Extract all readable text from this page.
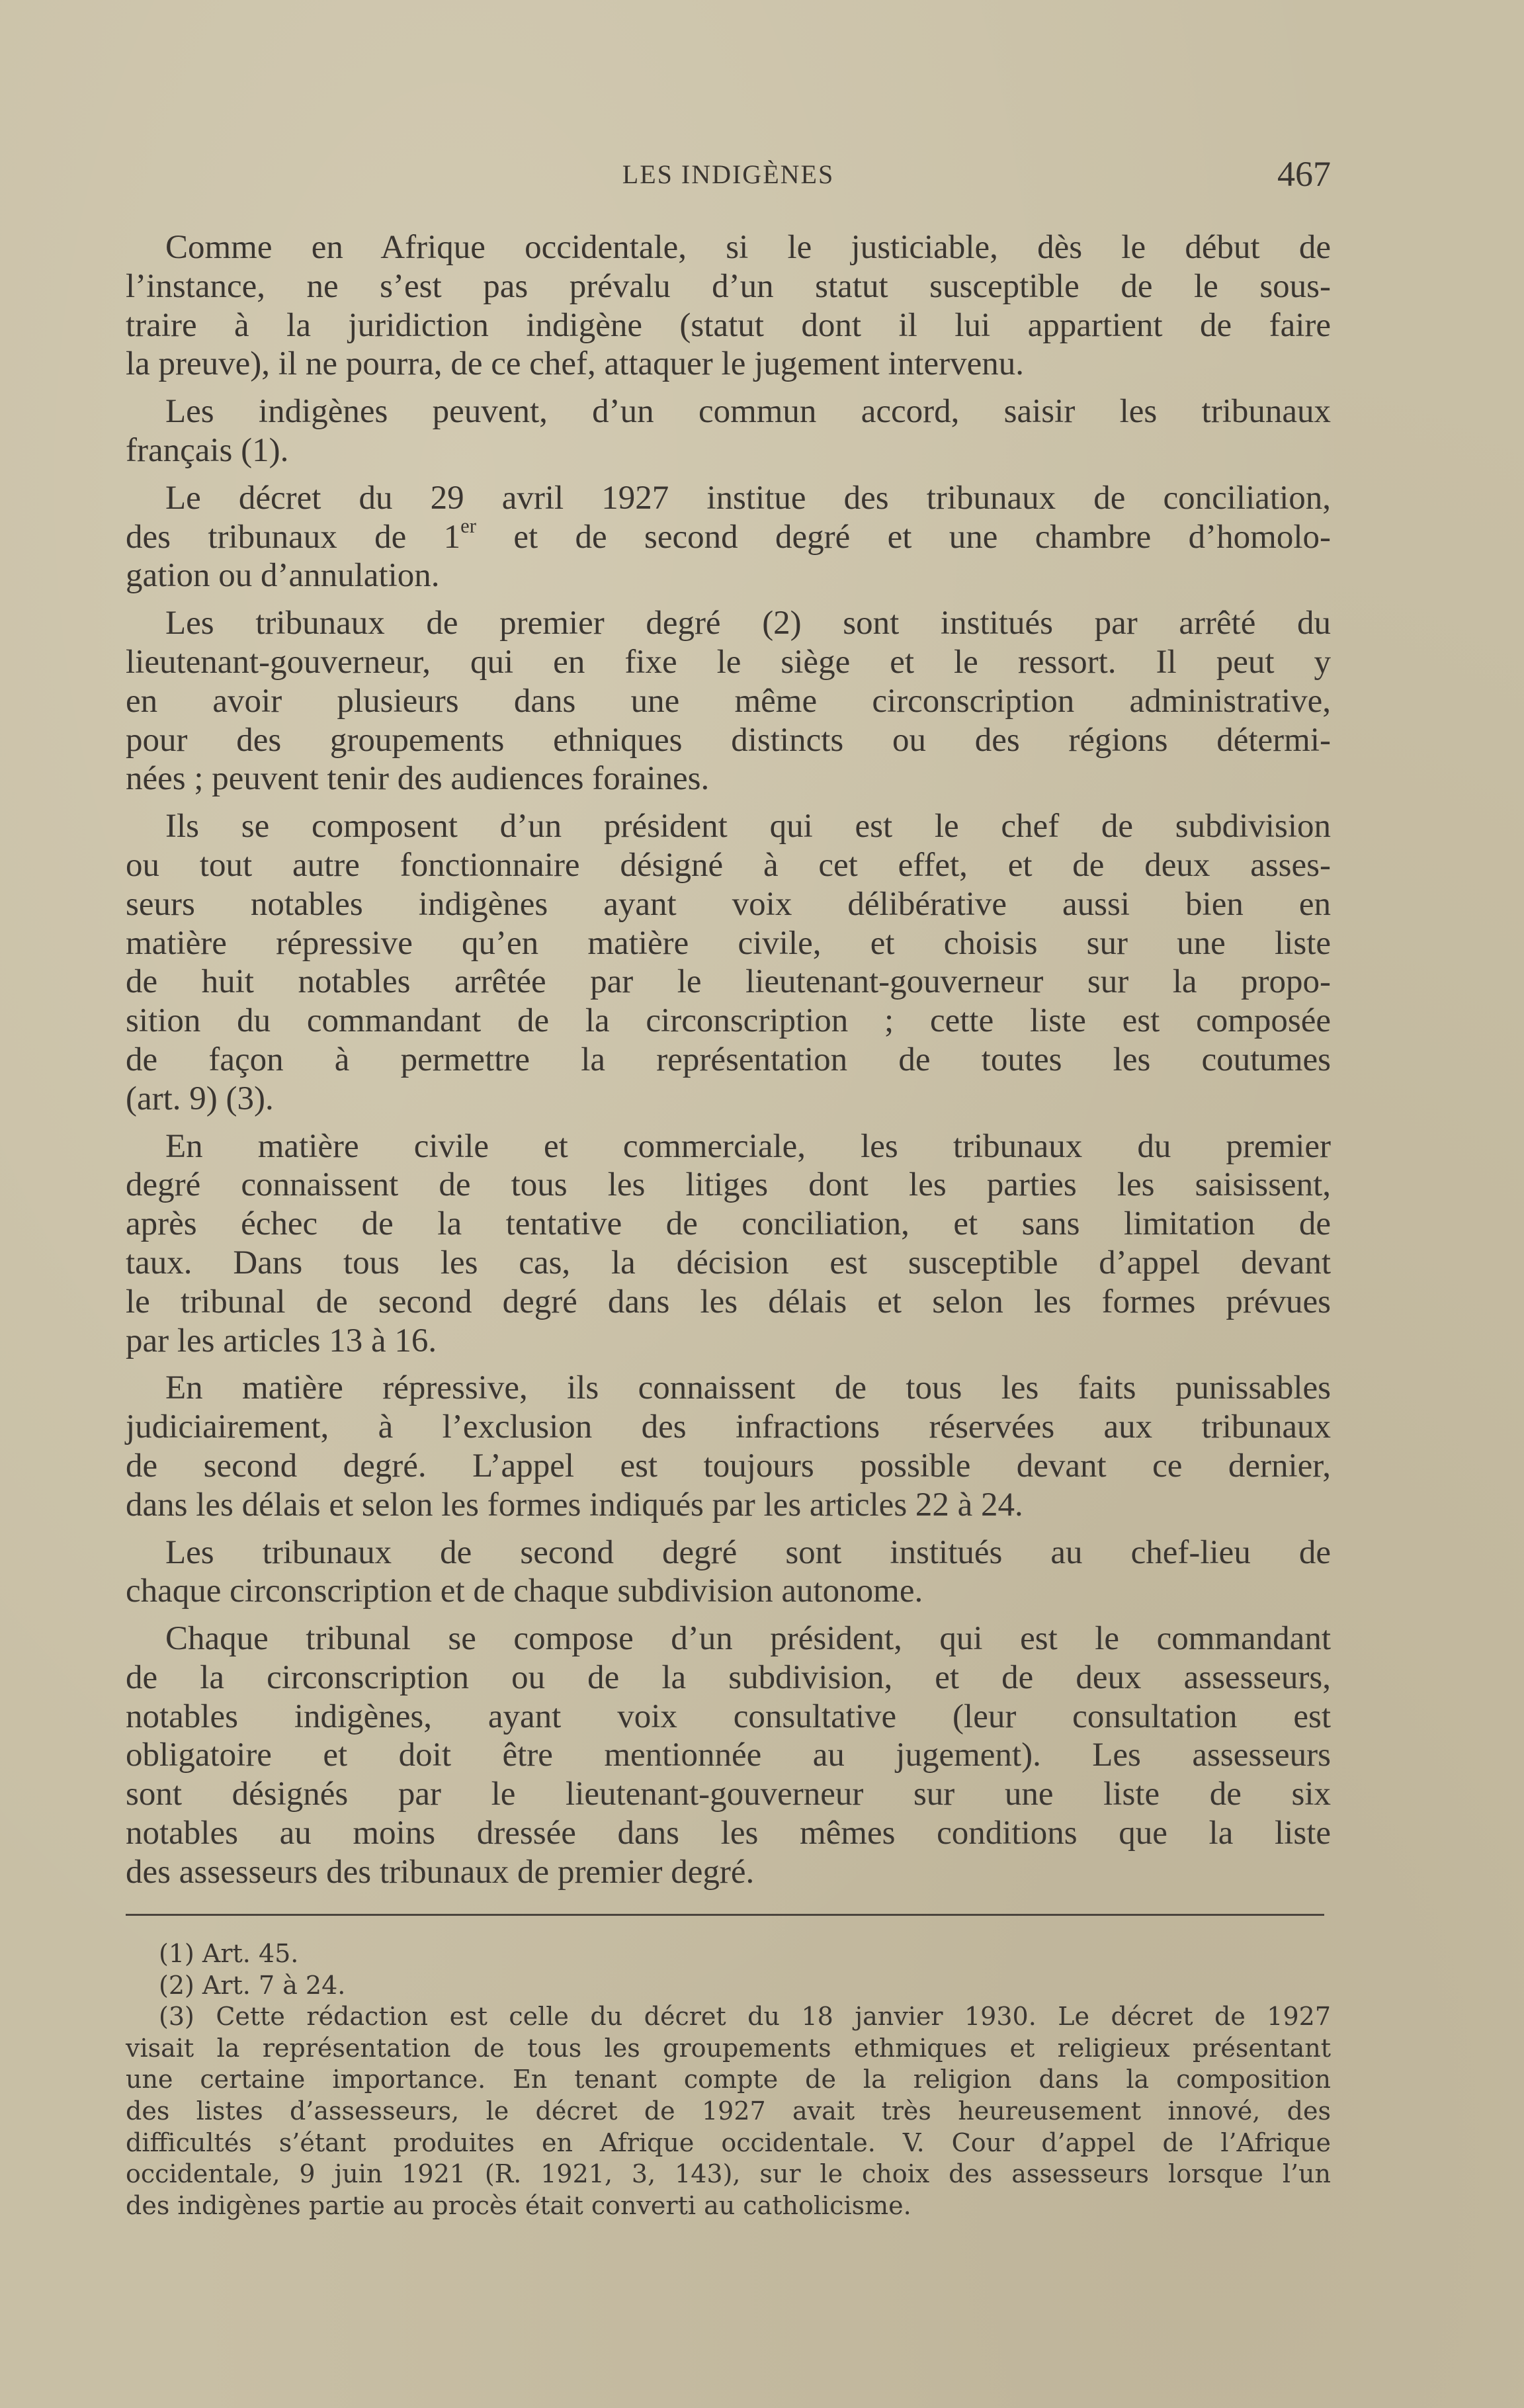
LES INDIGÈNES	467
Comme en Afrique occidentale, si le justiciable, dès le début de
l’instance, ne s’est pas prévalu d’un statut susceptible de le sous-
traire à la juridiction indigène (statut dont il lui appartient de faire
la preuve), il ne pourra, de ce chef, attaquer le jugement intervenu.
Les indigènes peuvent, d’un commun accord, saisir les tribunaux
français (1).
Le décret du 29 avril 1927 institue des tribunaux de conciliation,
des tribunaux de 1er et de second degré et une chambre d’homolo-
gation ou d’annulation.
Les tribunaux de premier degré (2) sont institués par arrêté du
lieutenant-gouverneur, qui en fixe le siège et le ressort. Il peut y
en avoir plusieurs dans une même circonscription administrative,
pour des groupements ethniques distincts ou des régions détermi-
nées ; peuvent tenir des audiences foraines.
Ils se composent d’un président qui est le chef de subdivision
ou tout autre fonctionnaire désigné à cet effet, et de deux asses-
seurs notables indigènes ayant voix délibérative aussi bien en
matière répressive qu’en matière civile, et choisis sur une liste
de huit notables arrêtée par le lieutenant-gouverneur sur la propo-
sition du commandant de la circonscription ; cette liste est composée
de façon à permettre la représentation de toutes les coutumes
(art. 9) (3).
En matière civile et commerciale, les tribunaux du premier
degré connaissent de tous les litiges dont les parties les saisissent,
après échec de la tentative de conciliation, et sans limitation de
taux. Dans tous les cas, la décision est susceptible d’appel devant
le tribunal de second degré dans les délais et selon les formes prévues
par les articles 13 à 16.
En matière répressive, ils connaissent de tous les faits punissables
judiciairement, à l’exclusion des infractions réservées aux tribunaux
de second degré. L’appel est toujours possible devant ce dernier,
dans les délais et selon les formes indiqués par les articles 22 à 24.
Les tribunaux de second degré sont institués au chef-lieu de
chaque circonscription et de chaque subdivision autonome.
Chaque tribunal se compose d’un président, qui est le commandant
de la circonscription ou de la subdivision, et de deux assesseurs,
notables indigènes, ayant voix consultative (leur consultation est
obligatoire et doit être mentionnée au jugement). Les assesseurs
sont désignés par le lieutenant-gouverneur sur une liste de six
notables au moins dressée dans les mêmes conditions que la liste
des assesseurs des tribunaux de premier degré.
(1) Art. 45.
(2) Art. 7 à 24.
(3) Cette rédaction est celle du décret du 18 janvier 1930. Le décret de 1927
visait la représentation de tous les groupements ethmiques et religieux présentant
une certaine importance. En tenant compte de la religion dans la composition
des listes d’assesseurs, le décret de 1927 avait très heureusement innové, des
difficultés s’étant produites en Afrique occidentale. V. Cour d’appel de l’Afrique
occidentale, 9 juin 1921 (R. 1921, 3, 143), sur le choix des assesseurs lorsque l’un
des indigènes partie au procès était converti au catholicisme.
